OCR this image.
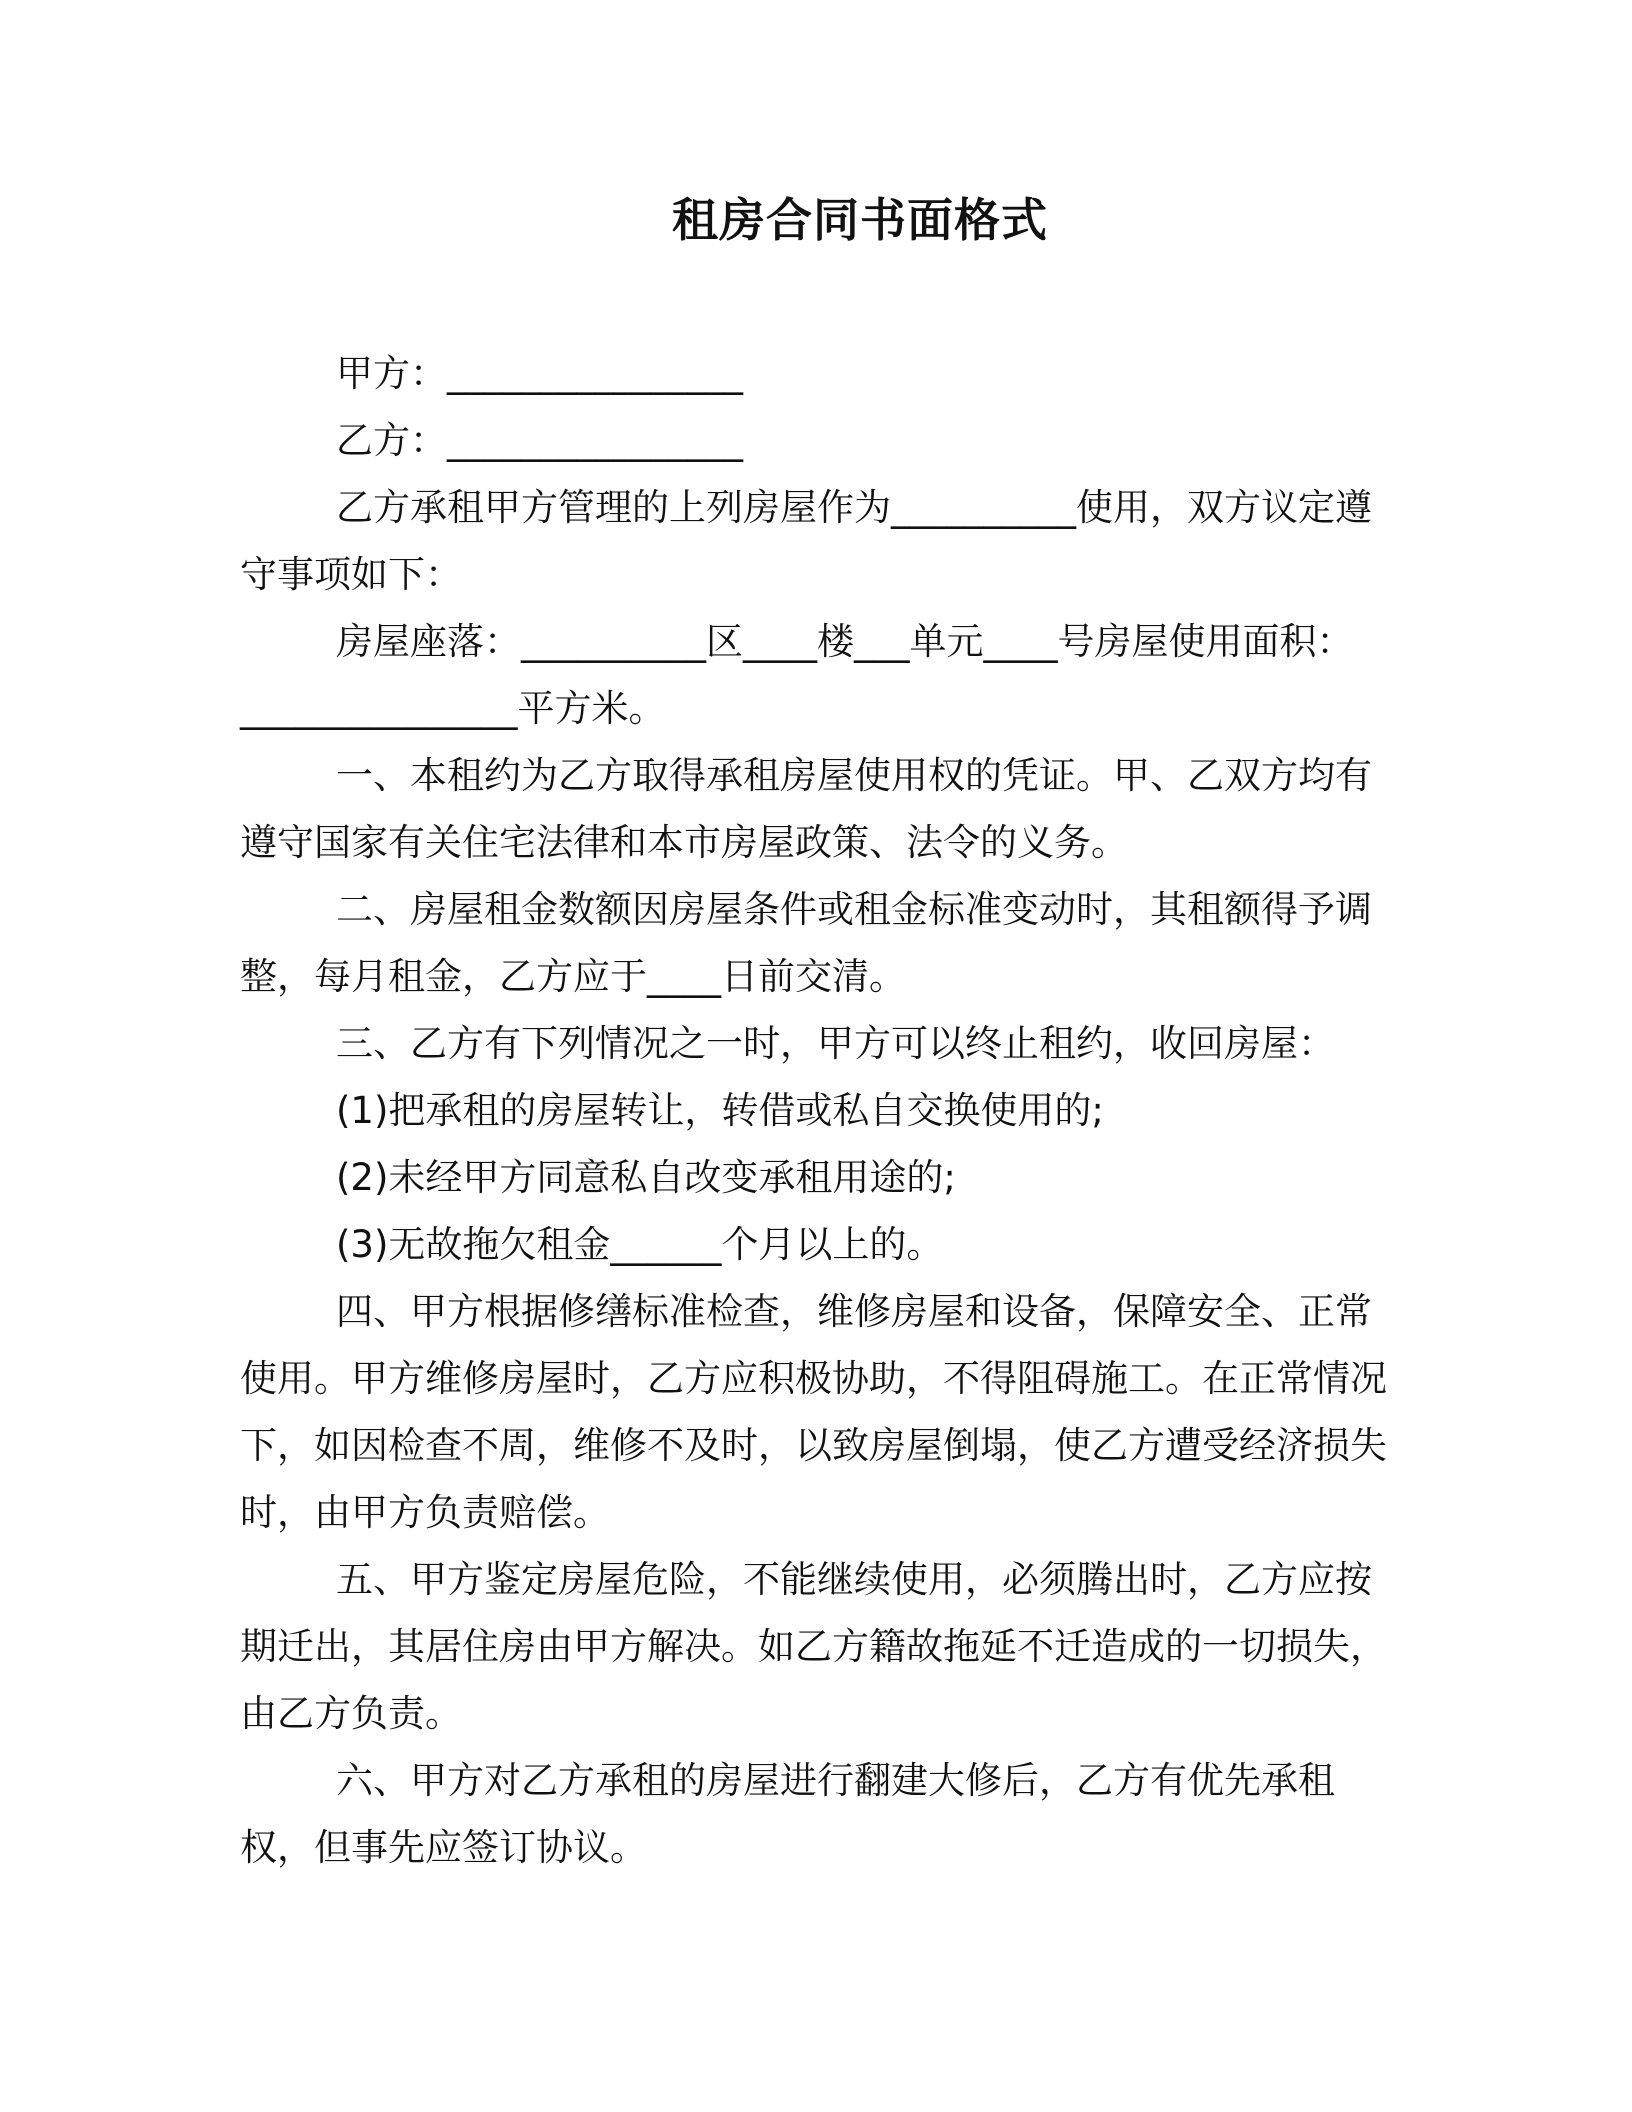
租房合同书面格式

甲方：________________

乙方：________________

乙方承租甲方管理的上列房屋作为__________使用，双方议定遵守事项如下：

房屋座落：__________区____楼___单元____号房屋使用面积：_______________平方米。

一、本租约为乙方取得承租房屋使用权的凭证。甲、乙双方均有遵守国家有关住宅法律和本市房屋政策、法令的义务。

二、房屋租金数额因房屋条件或租金标准变动时，其租额得予调整，每月租金，乙方应于____日前交清。

三、乙方有下列情况之一时，甲方可以终止租约，收回房屋：

(1)把承租的房屋转让，转借或私自交换使用的;

(2)未经甲方同意私自改变承租用途的;

(3)无故拖欠租金______个月以上的。

四、甲方根据修缮标准检查，维修房屋和设备，保障安全、正常使用。甲方维修房屋时，乙方应积极协助，不得阻碍施工。在正常情况下，如因检查不周，维修不及时，以致房屋倒塌，使乙方遭受经济损失时，由甲方负责赔偿。

五、甲方鉴定房屋危险，不能继续使用，必须腾出时，乙方应按期迁出，其居住房由甲方解决。如乙方籍故拖延不迁造成的一切损失，由乙方负责。

六、甲方对乙方承租的房屋进行翻建大修后，乙方有优先承租权，但事先应签订协议。
